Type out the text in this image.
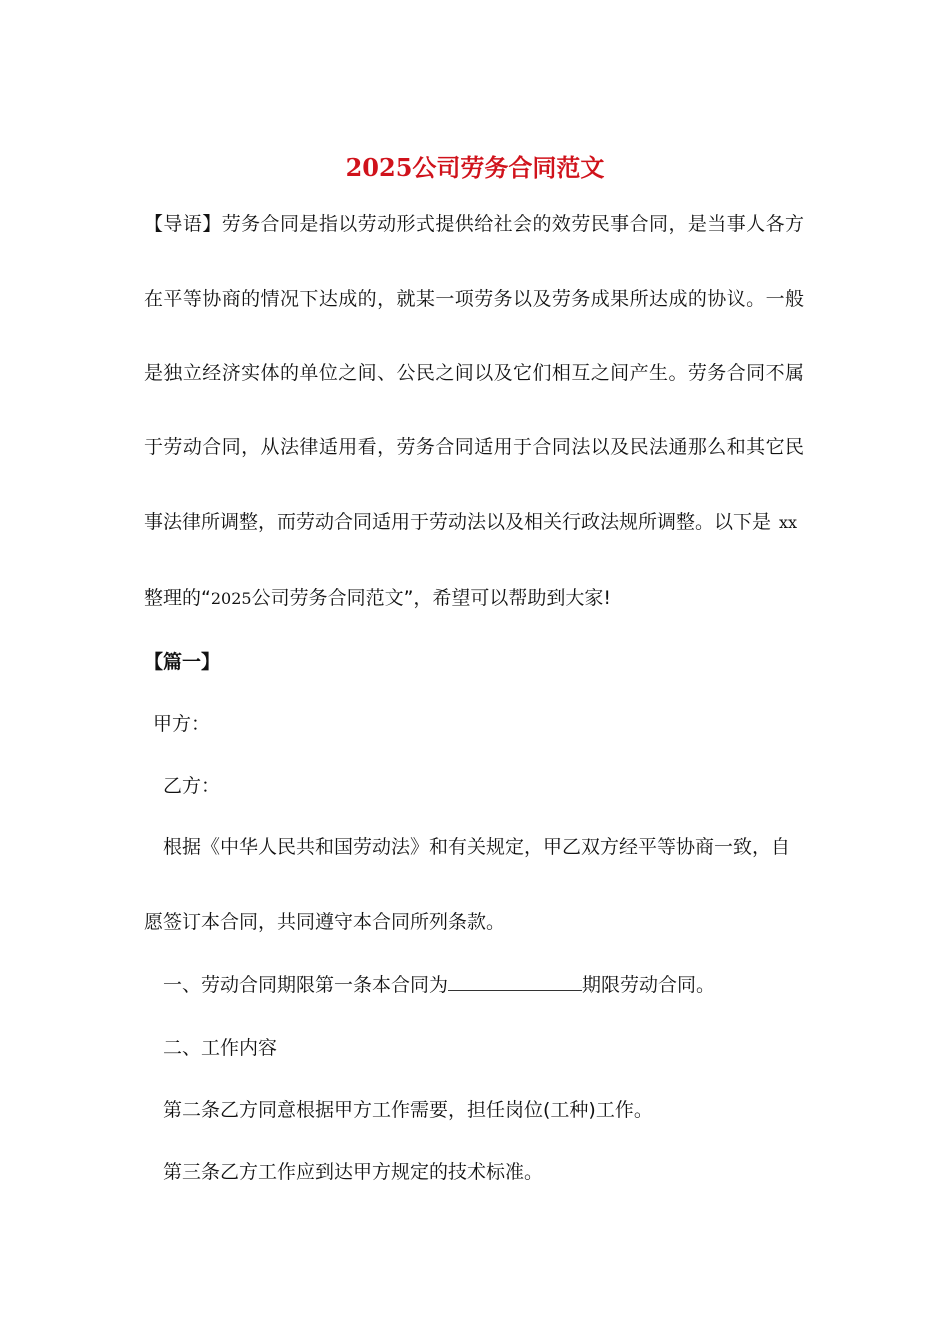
2025公司劳务合同范文
【导语】劳务合同是指以劳动形式提供给社会的效劳民事合同，是当事人各方
在平等协商的情况下达成的，就某一项劳务以及劳务成果所达成的协议。一般
是独立经济实体的单位之间、公民之间以及它们相互之间产生。劳务合同不属
于劳动合同，从法律适用看，劳务合同适用于合同法以及民法通那么和其它民
事法律所调整，而劳动合同适用于劳动法以及相关行政法规所调整。以下是 xx
整理的“2025公司劳务合同范文”，希望可以帮助到大家!
【篇一】
甲方：
乙方：
根据《中华人民共和国劳动法》和有关规定，甲乙双方经平等协商一致，自
愿签订本合同，共同遵守本合同所列条款。
一、劳动合同期限第一条本合同为	期限劳动合同。
二、工作内容
第二条乙方同意根据甲方工作需要，担任岗位(工种)工作。
第三条乙方工作应到达甲方规定的技术标准。
